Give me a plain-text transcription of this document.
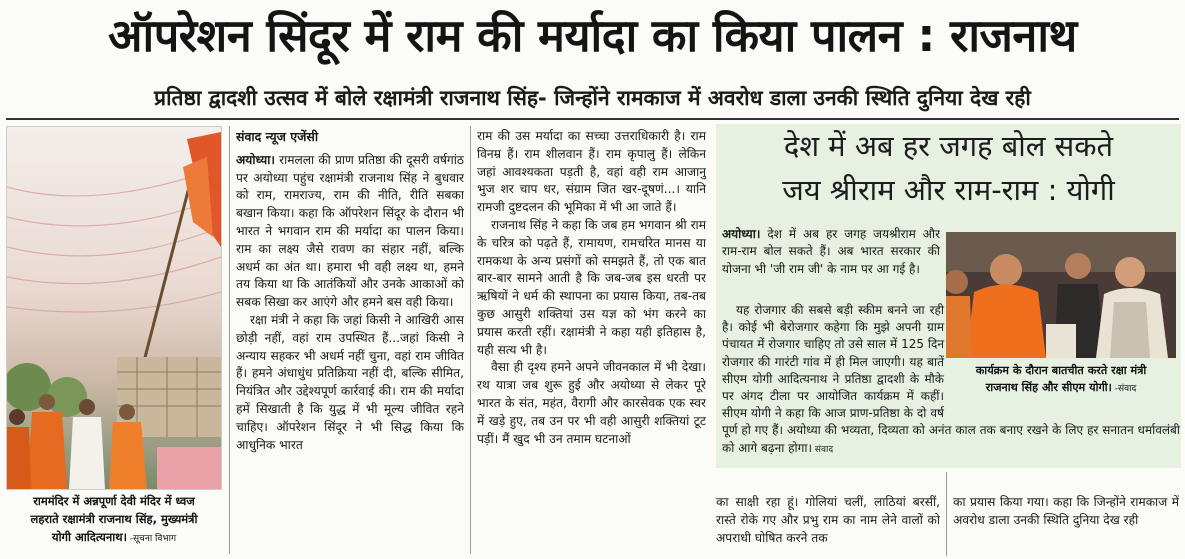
ऑपरेशन सिंदूर में राम की मर्यादा का किया पालन : राजनाथ
प्रतिष्ठा द्वादशी उत्सव में बोले रक्षामंत्री राजनाथ सिंह- जिन्होंने रामकाज में अवरोध डाला उनकी स्थिति दुनिया देख रही
राममंदिर में अन्नपूर्णा देवी मंदिर में ध्वज
लहराते रक्षामंत्री राजनाथ सिंह, मुख्यमंत्री
योगी आदित्यनाथ। -सूचना विभाग
संवाद न्यूज एजेंसी

अयोध्या। रामलला की प्राण प्रतिष्ठा की दूसरी वर्षगांठ पर अयोध्या पहुंच रक्षामंत्री राजनाथ सिंह ने बुधवार को राम, रामराज्य, राम की नीति, रीति सबका बखान किया। कहा कि ऑपरेशन सिंदूर के दौरान भी भारत ने भगवान राम की मर्यादा का पालन किया। राम का लक्ष्य जैसे रावण का संहार नहीं, बल्कि अधर्म का अंत था। हमारा भी वही लक्ष्य था, हमने तय किया था कि आतंकियों और उनके आकाओं को सबक सिखा कर आएंगे और हमने बस वही किया।

रक्षा मंत्री ने कहा कि जहां किसी ने आखिरी आस छोड़ी नहीं, वहां राम उपस्थित हैं...जहां किसी ने अन्याय सहकर भी अधर्म नहीं चुना, वहां राम जीवित हैं। हमने अंधाधुंध प्रतिक्रिया नहीं दी, बल्कि सीमित, नियंत्रित और उद्देश्यपूर्ण कार्रवाई की। राम की मर्यादा हमें सिखाती है कि युद्ध में भी मूल्य जीवित रहने चाहिए। ऑपरेशन सिंदूर ने भी सिद्ध किया कि आधुनिक भारत

राम की उस मर्यादा का सच्चा उत्तराधिकारी है। राम विनम्र हैं। राम शीलवान हैं। राम कृपालु हैं। लेकिन जहां आवश्यकता पड़ती है, वहां वही राम आजानु भुज शर चाप धर, संग्राम जित खर-दूषणं...। यानि रामजी दुष्टदलन की भूमिका में भी आ जाते हैं।

राजनाथ सिंह ने कहा कि जब हम भगवान श्री राम के चरित्र को पढ़ते हैं, रामायण, रामचरित मानस या रामकथा के अन्य प्रसंगों को समझते हैं, तो एक बात बार-बार सामने आती है कि जब-जब इस धरती पर ऋषियों ने धर्म की स्थापना का प्रयास किया, तब-तब कुछ आसुरी शक्तियां उस यज्ञ को भंग करने का प्रयास करती रहीं। रक्षामंत्री ने कहा यही इतिहास है, यही सत्य भी है।

वैसा ही दृश्य हमने अपने जीवनकाल में भी देखा। रथ यात्रा जब शुरू हुई और अयोध्या से लेकर पूरे भारत के संत, महंत, वैरागी और कारसेवक एक स्वर में खड़े हुए, तब उन पर भी वही आसुरी शक्तियां टूट पड़ीं। मैं खुद भी उन तमाम घटनाओं

देश में अब हर जगह बोल सकते
जय श्रीराम और राम-राम : योगी

अयोध्या। देश में अब हर जगह जयश्रीराम और राम-राम बोल सकते हैं। अब भारत सरकार की योजना भी 'जी राम जी' के नाम पर आ गई है।

यह रोजगार की सबसे बड़ी स्कीम बनने जा रही है। कोई भी बेरोजगार कहेगा कि मुझे अपनी ग्राम पंचायत में रोजगार चाहिए तो उसे साल में 125 दिन रोजगार की गारंटी गांव में ही मिल जाएगी। यह बातें सीएम योगी आदित्यनाथ ने प्रतिष्ठा द्वादशी के मौके पर अंगद टीला पर आयोजित कार्यक्रम में कहीं। सीएम योगी ने कहा कि आज प्राण-प्रतिष्ठा के दो वर्ष पूर्ण हो गए हैं। अयोध्या की भव्यता, दिव्यता को अनंत काल तक बनाए रखने के लिए हर सनातन धर्मावलंबी को आगे बढ़ना होगा। संवाद

कार्यक्रम के दौरान बातचीत करते रक्षा मंत्री
राजनाथ सिंह और सीएम योगी। -संवाद

का साक्षी रहा हूं। गोलियां चलीं, लाठियां बरसीं, रास्ते रोके गए और प्रभु राम का नाम लेने वालों को अपराधी घोषित करने तक

का प्रयास किया गया। कहा कि जिन्होंने रामकाज में अवरोध डाला उनकी स्थिति दुनिया देख रही
